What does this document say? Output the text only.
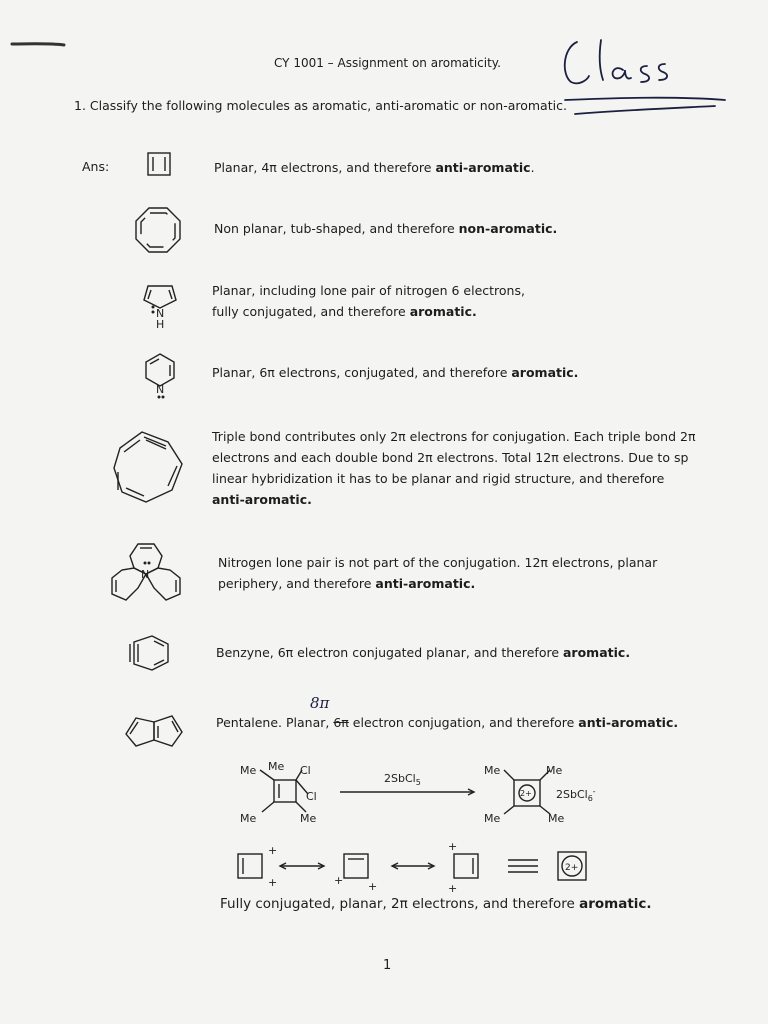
CY 1001 – Assignment on aromaticity.
1. Classify the following molecules as aromatic, anti-aromatic or non-aromatic.
Ans:	Planar, 4π electrons, and therefore anti-aromatic.
Non planar, tub-shaped, and therefore non-aromatic.
N
H
Planar, including lone pair of nitrogen 6 electrons,
fully conjugated, and therefore aromatic.
N
Planar, 6π electrons, conjugated, and therefore aromatic.
Triple bond contributes only 2π electrons for conjugation. Each triple bond 2π
electrons and each double bond 2π electrons. Total 12π electrons. Due to sp
linear hybridization it has to be planar and rigid structure, and therefore
anti-aromatic.
N
Nitrogen lone pair is not part of the conjugation. 12π electrons, planar
periphery, and therefore anti-aromatic.
Benzyne, 6π electron conjugated planar, and therefore aromatic.
Pentalene. Planar, 6π electron conjugation, and therefore anti-aromatic.
8π
Me Me Cl
Cl
Me	Me
2SbCl$_5$
2+
Me	Me
Me	Me
2SbCl$_6$-
+
+	+ +
+
+
2+
Fully conjugated, planar, 2π electrons, and therefore aromatic.
1
